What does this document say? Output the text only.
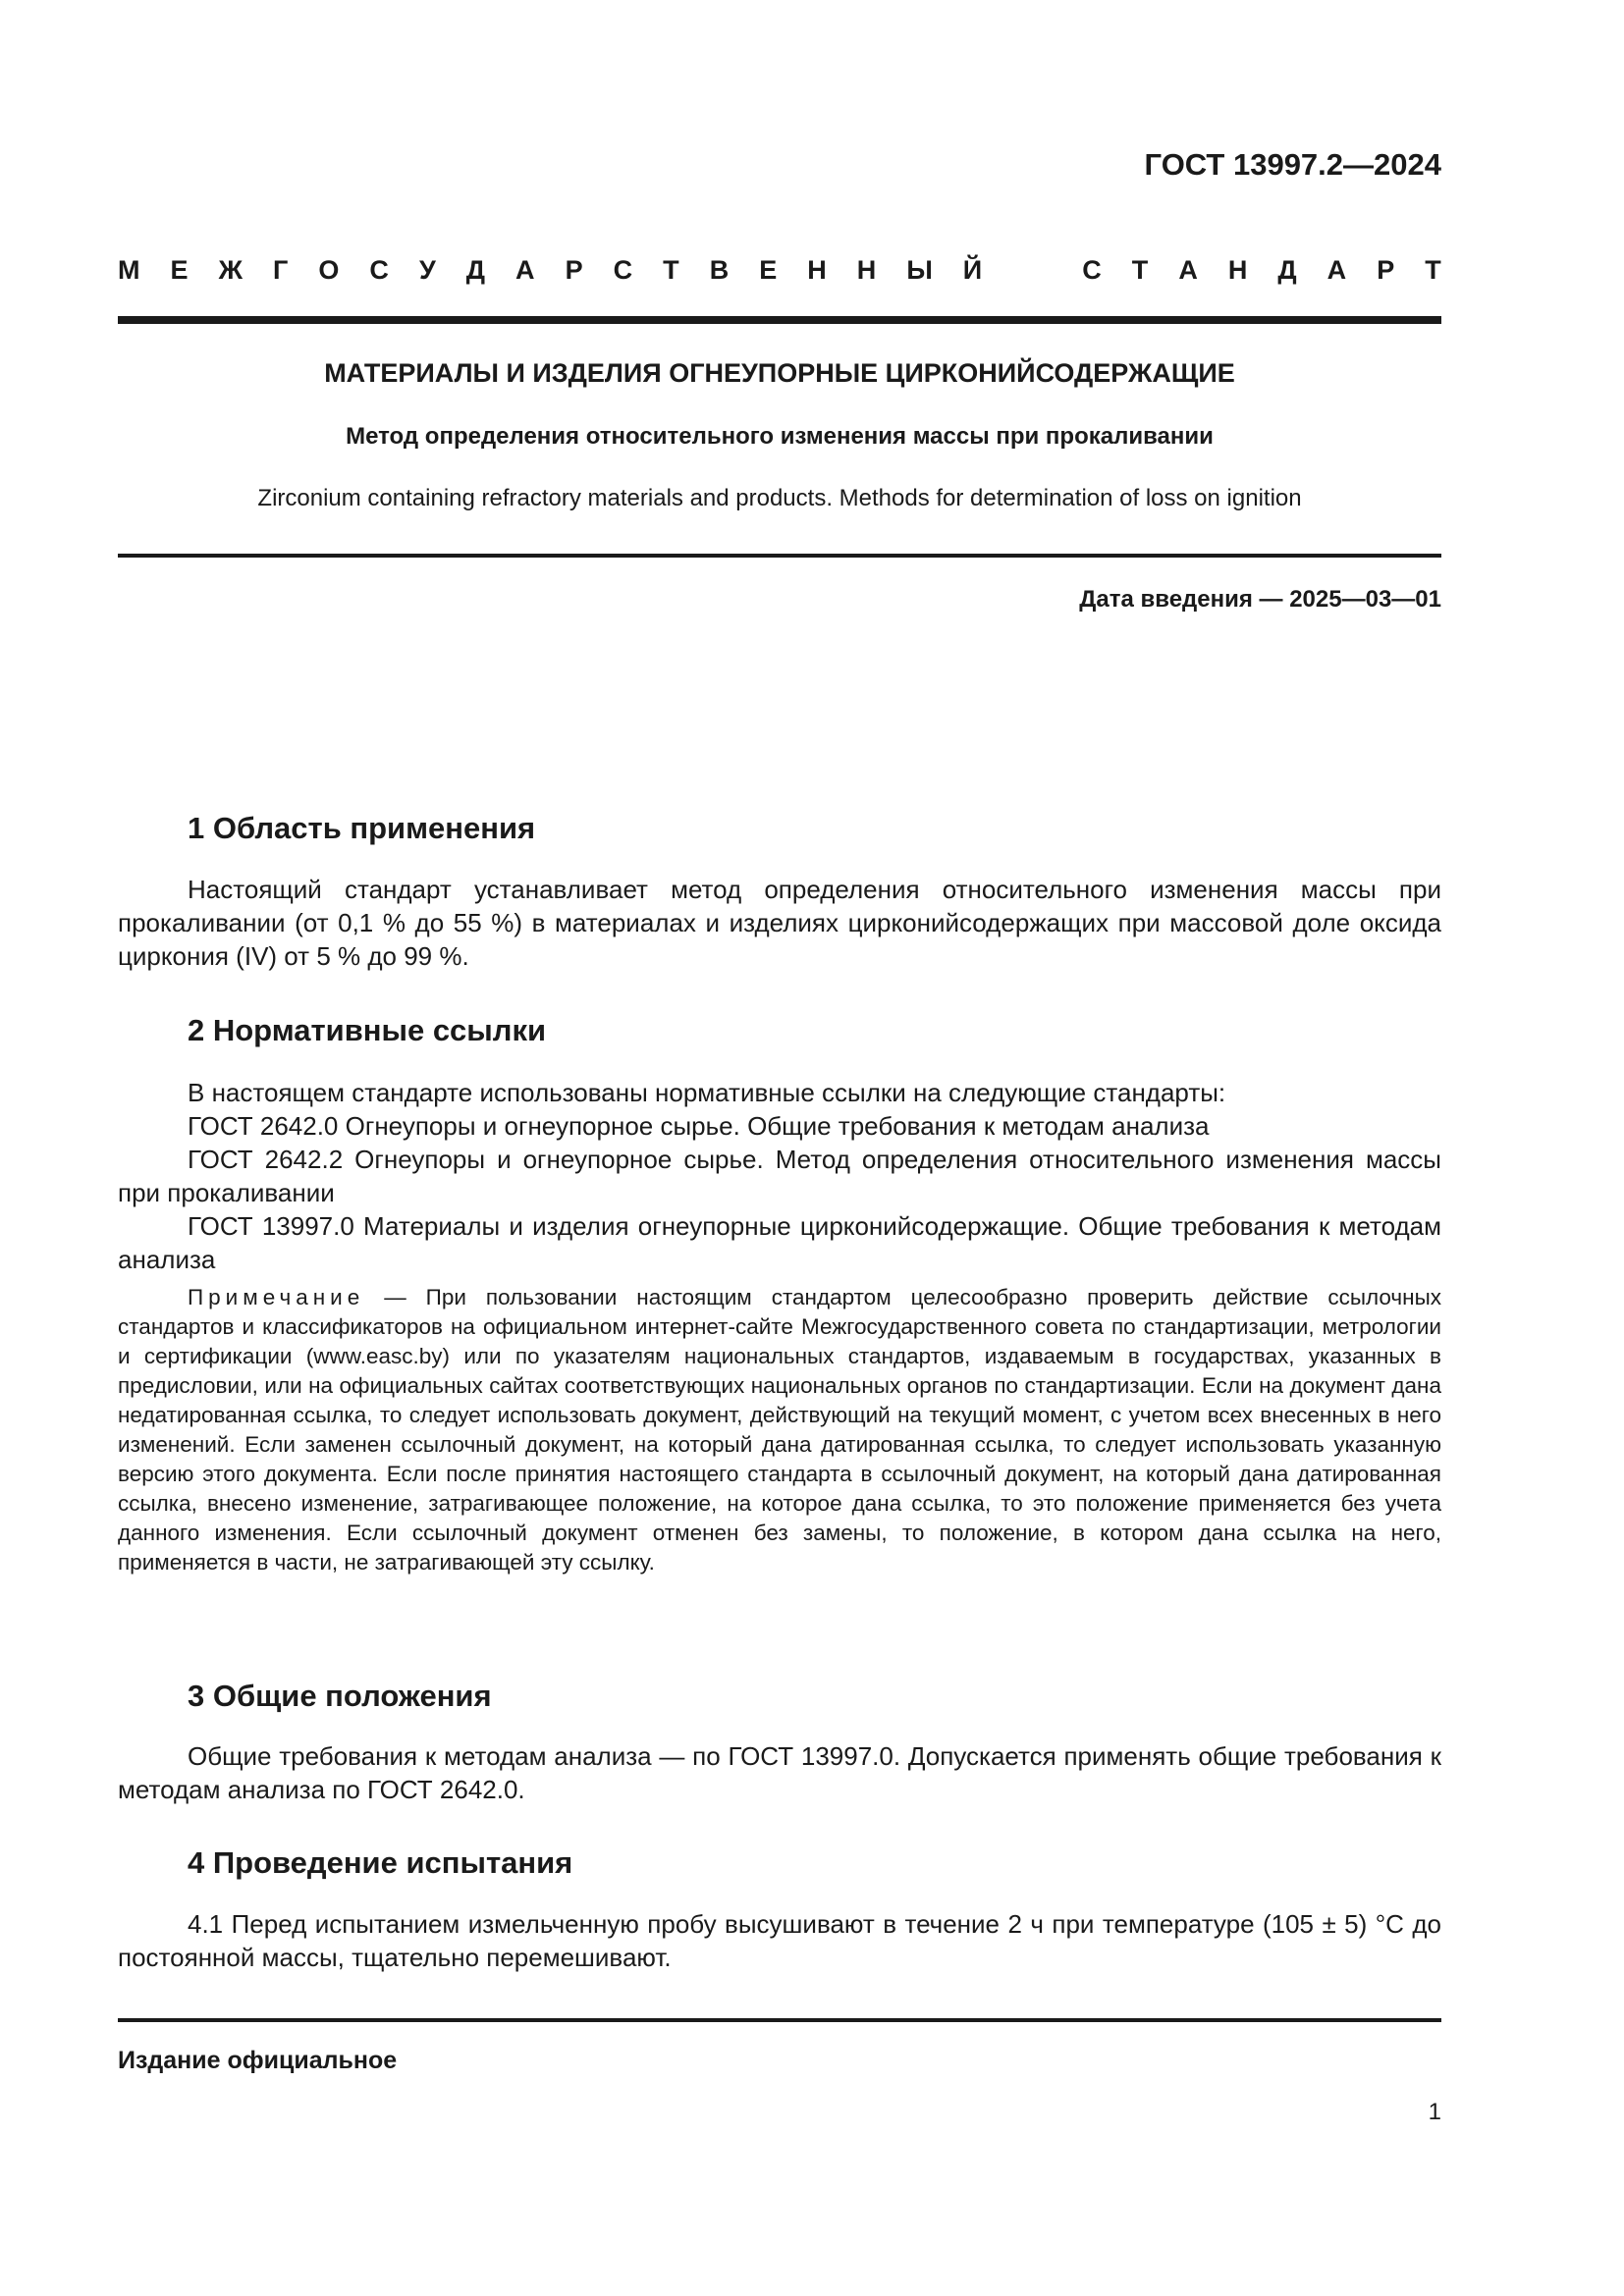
ГОСТ 13997.2—2024
М Е Ж Г О С У Д А Р С Т В Е Н Н Ы Й	С Т А Н Д А Р Т
МАТЕРИАЛЫ И ИЗДЕЛИЯ ОГНЕУПОРНЫЕ ЦИРКОНИЙСОДЕРЖАЩИЕ
Метод определения относительного изменения массы при прокаливании
Zirconium containing refractory materials and products. Methods for determination of loss on ignition
Дата введения — 2025—03—01
1 Область применения
Настоящий стандарт устанавливает метод определения относительного изменения массы при прокаливании (от 0,1 % до 55 %) в материалах и изделиях цирконийсодержащих при массовой доле оксида циркония (IV) от 5 % до 99 %.
2 Нормативные ссылки
В настоящем стандарте использованы нормативные ссылки на следующие стандарты:
ГОСТ 2642.0 Огнеупоры и огнеупорное сырье. Общие требования к методам анализа
ГОСТ 2642.2 Огнеупоры и огнеупорное сырье. Метод определения относительного изменения массы при прокаливании
ГОСТ 13997.0 Материалы и изделия огнеупорные цирконийсодержащие. Общие требования к методам анализа
Примечание — При пользовании настоящим стандартом целесообразно проверить действие ссылочных стандартов и классификаторов на официальном интернет-сайте Межгосударственного совета по стандартизации, метрологии и сертификации (www.easc.by) или по указателям национальных стандартов, издаваемым в государствах, указанных в предисловии, или на официальных сайтах соответствующих национальных органов по стандартизации. Если на документ дана недатированная ссылка, то следует использовать документ, действующий на текущий момент, с учетом всех внесенных в него изменений. Если заменен ссылочный документ, на который дана датированная ссылка, то следует использовать указанную версию этого документа. Если после принятия настоящего стандарта в ссылочный документ, на который дана датированная ссылка, внесено изменение, затрагивающее положение, на которое дана ссылка, то это положение применяется без учета данного изменения. Если ссылочный документ отменен без замены, то положение, в котором дана ссылка на него, применяется в части, не затрагивающей эту ссылку.
3 Общие положения
Общие требования к методам анализа — по ГОСТ 13997.0. Допускается применять общие требования к методам анализа по ГОСТ 2642.0.
4 Проведение испытания
4.1 Перед испытанием измельченную пробу высушивают в течение 2 ч при температуре (105 ± 5) °С до постоянной массы, тщательно перемешивают.
Издание официальное
1
